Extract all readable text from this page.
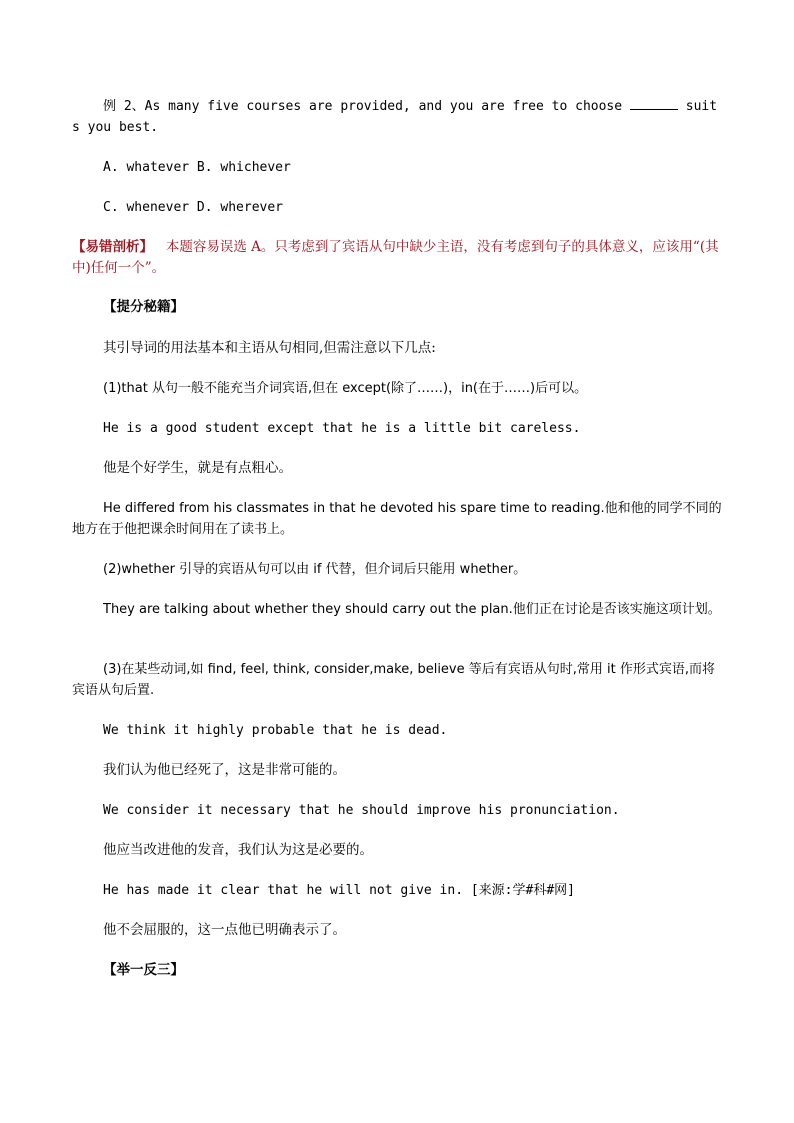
例 2、As many five courses are provided, and you are free to choose	suits you best.

A. whatever B. whichever

C. whenever D. wherever

【易错剖析】 本题容易误选 A。只考虑到了宾语从句中缺少主语，没有考虑到句子的具体意义，应该用“(其中)任何一个”。

【提分秘籍】

其引导词的用法基本和主语从句相同,但需注意以下几点:

(1)that 从句一般不能充当介词宾语,但在 except(除了……)，in(在于……)后可以。

He is a good student except that he is a little bit careless.

他是个好学生，就是有点粗心。

He differed from his classmates in that he devoted his spare time to reading.他和他的同学不同的地方在于他把课余时间用在了读书上。

(2)whether 引导的宾语从句可以由 if 代替，但介词后只能用 whether。

They are talking about whether they should carry out the plan.他们正在讨论是否该实施这项计划。

(3)在某些动词,如 find, feel, think, consider,make, believe 等后有宾语从句时,常用 it 作形式宾语,而将宾语从句后置.

We think it highly probable that he is dead.

我们认为他已经死了，这是非常可能的。

We consider it necessary that he should improve his pronunciation.

他应当改进他的发音，我们认为这是必要的。

He has made it clear that he will not give in. [来源:学#科#网]

他不会屈服的，这一点他已明确表示了。

【举一反三】
